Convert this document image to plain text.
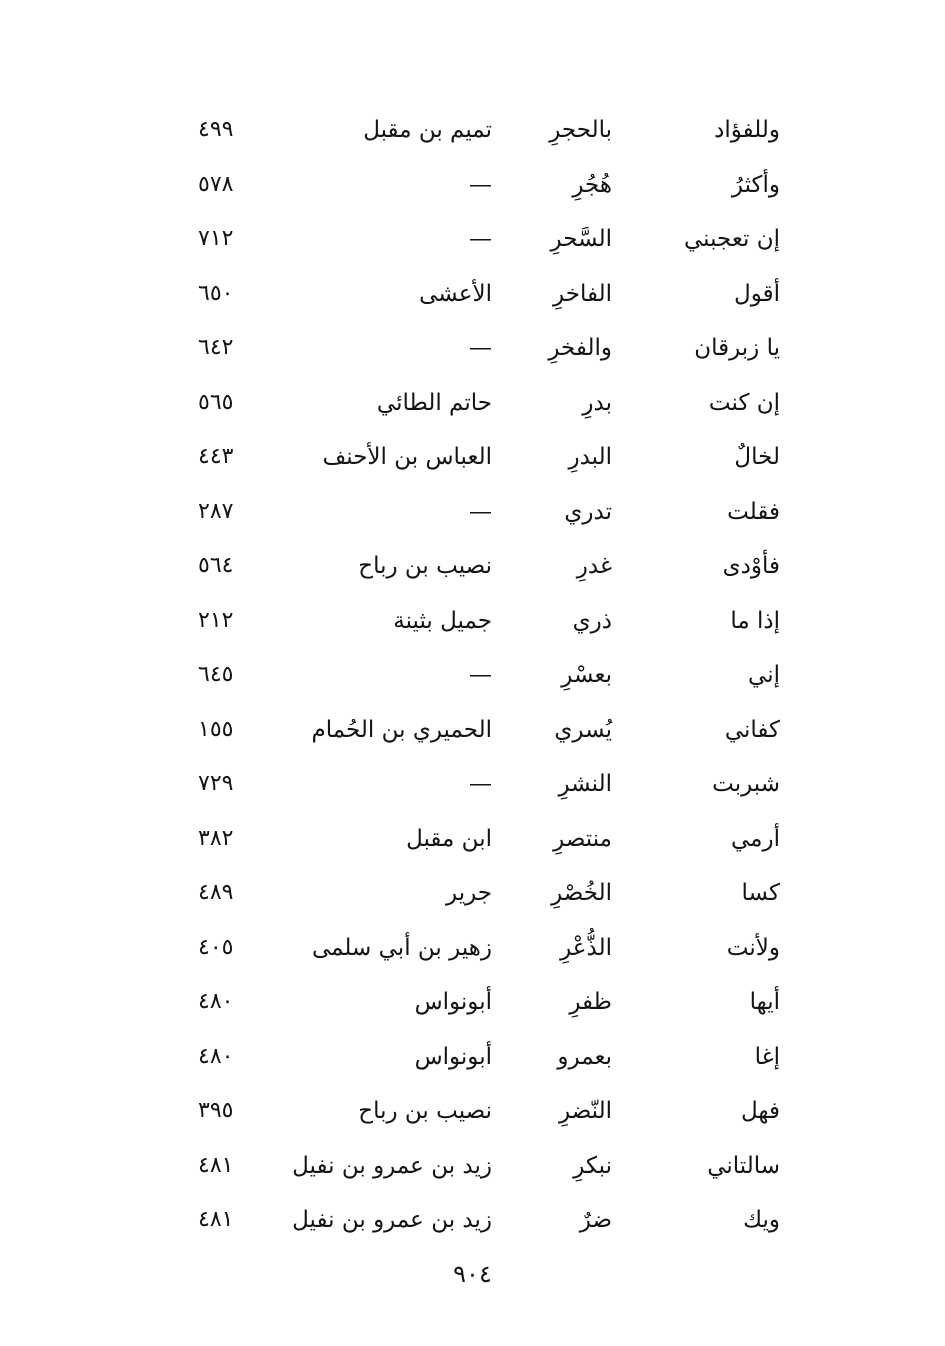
وللفؤاد
بالحجرِ
تميم بن مقبل
٤٩٩
وأكثرُ
هُجُرِ
—
٥٧٨
إن تعجبني
السَّحرِ
—
٧١٢
أقول
الفاخرِ
الأعشى
٦٥٠
يا زبرقان
والفخرِ
—
٦٤٢
إن كنت
بدرِ
حاتم الطائي
٥٦٥
لخالٌ
البدرِ
العباس بن الأحنف
٤٤٣
فقلت
تدري
—
٢٨٧
فأوْدى
غدرِ
نصيب بن رباح
٥٦٤
إذا ما
ذري
جميل بثينة
٢١٢
إني
بعسْرِ
—
٦٤٥
كفاني
يُسري
الحميري بن الحُمام
١٥٥
شبربت
النشرِ
—
٧٢٩
أرمي
منتصرِ
ابن مقبل
٣٨٢
كسا
الخُصْرِ
جرير
٤٨٩
ولأنت
الذُّعْرِ
زهير بن أبي سلمى
٤٠٥
أيها
ظفرِ
أبونواس
٤٨٠
إغا
بعمرو
أبونواس
٤٨٠
فهل
النّضرِ
نصيب بن رباح
٣٩٥
سالتاني
نبكرِ
زيد بن عمرو بن نفيل
٤٨١
ويك
ضرٌ
زيد بن عمرو بن نفيل
٤٨١
٩٠٤
